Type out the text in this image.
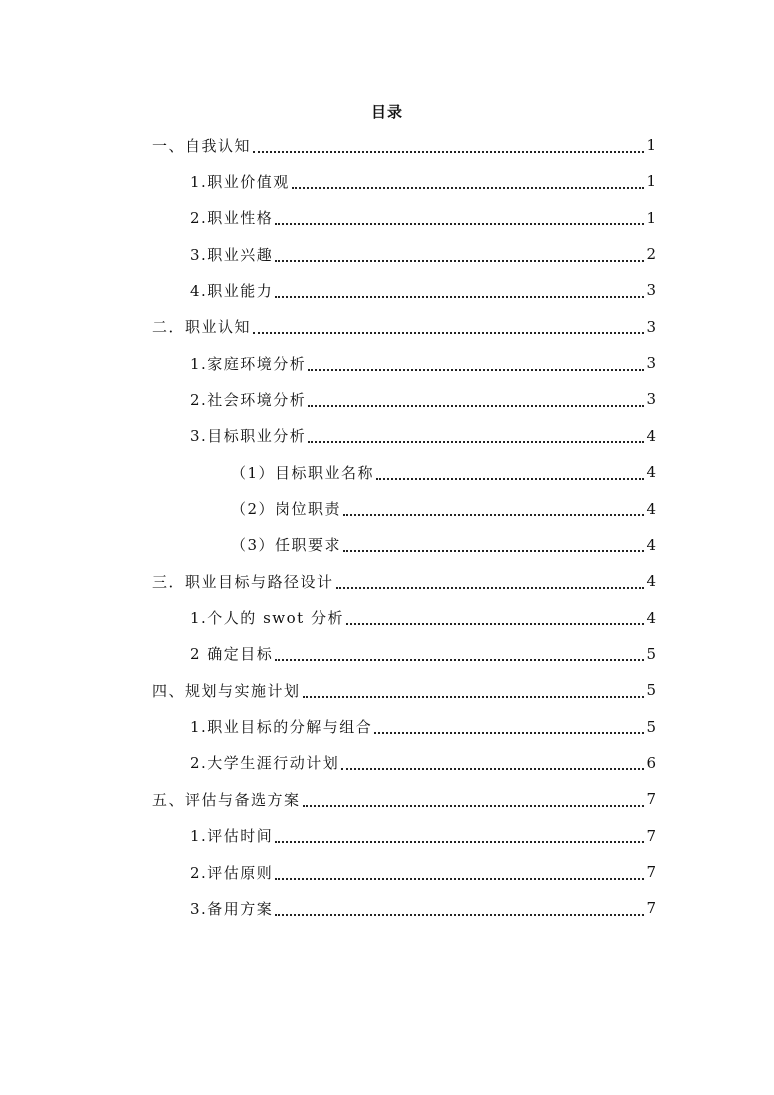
目录
一、自我认知	1
1.职业价值观	1
2.职业性格	1
3.职业兴趣	2
4.职业能力	3
二．职业认知	3
1.家庭环境分析	3
2.社会环境分析	3
3.目标职业分析	4
（1）目标职业名称	4
（2）岗位职责	4
（3）任职要求	4
三．职业目标与路径设计	4
1.个人的 swot 分析	4
2 确定目标	5
四、规划与实施计划	5
1.职业目标的分解与组合	5
2.大学生涯行动计划	6
五、评估与备选方案	7
1.评估时间	7
2.评估原则	7
3.备用方案	7
